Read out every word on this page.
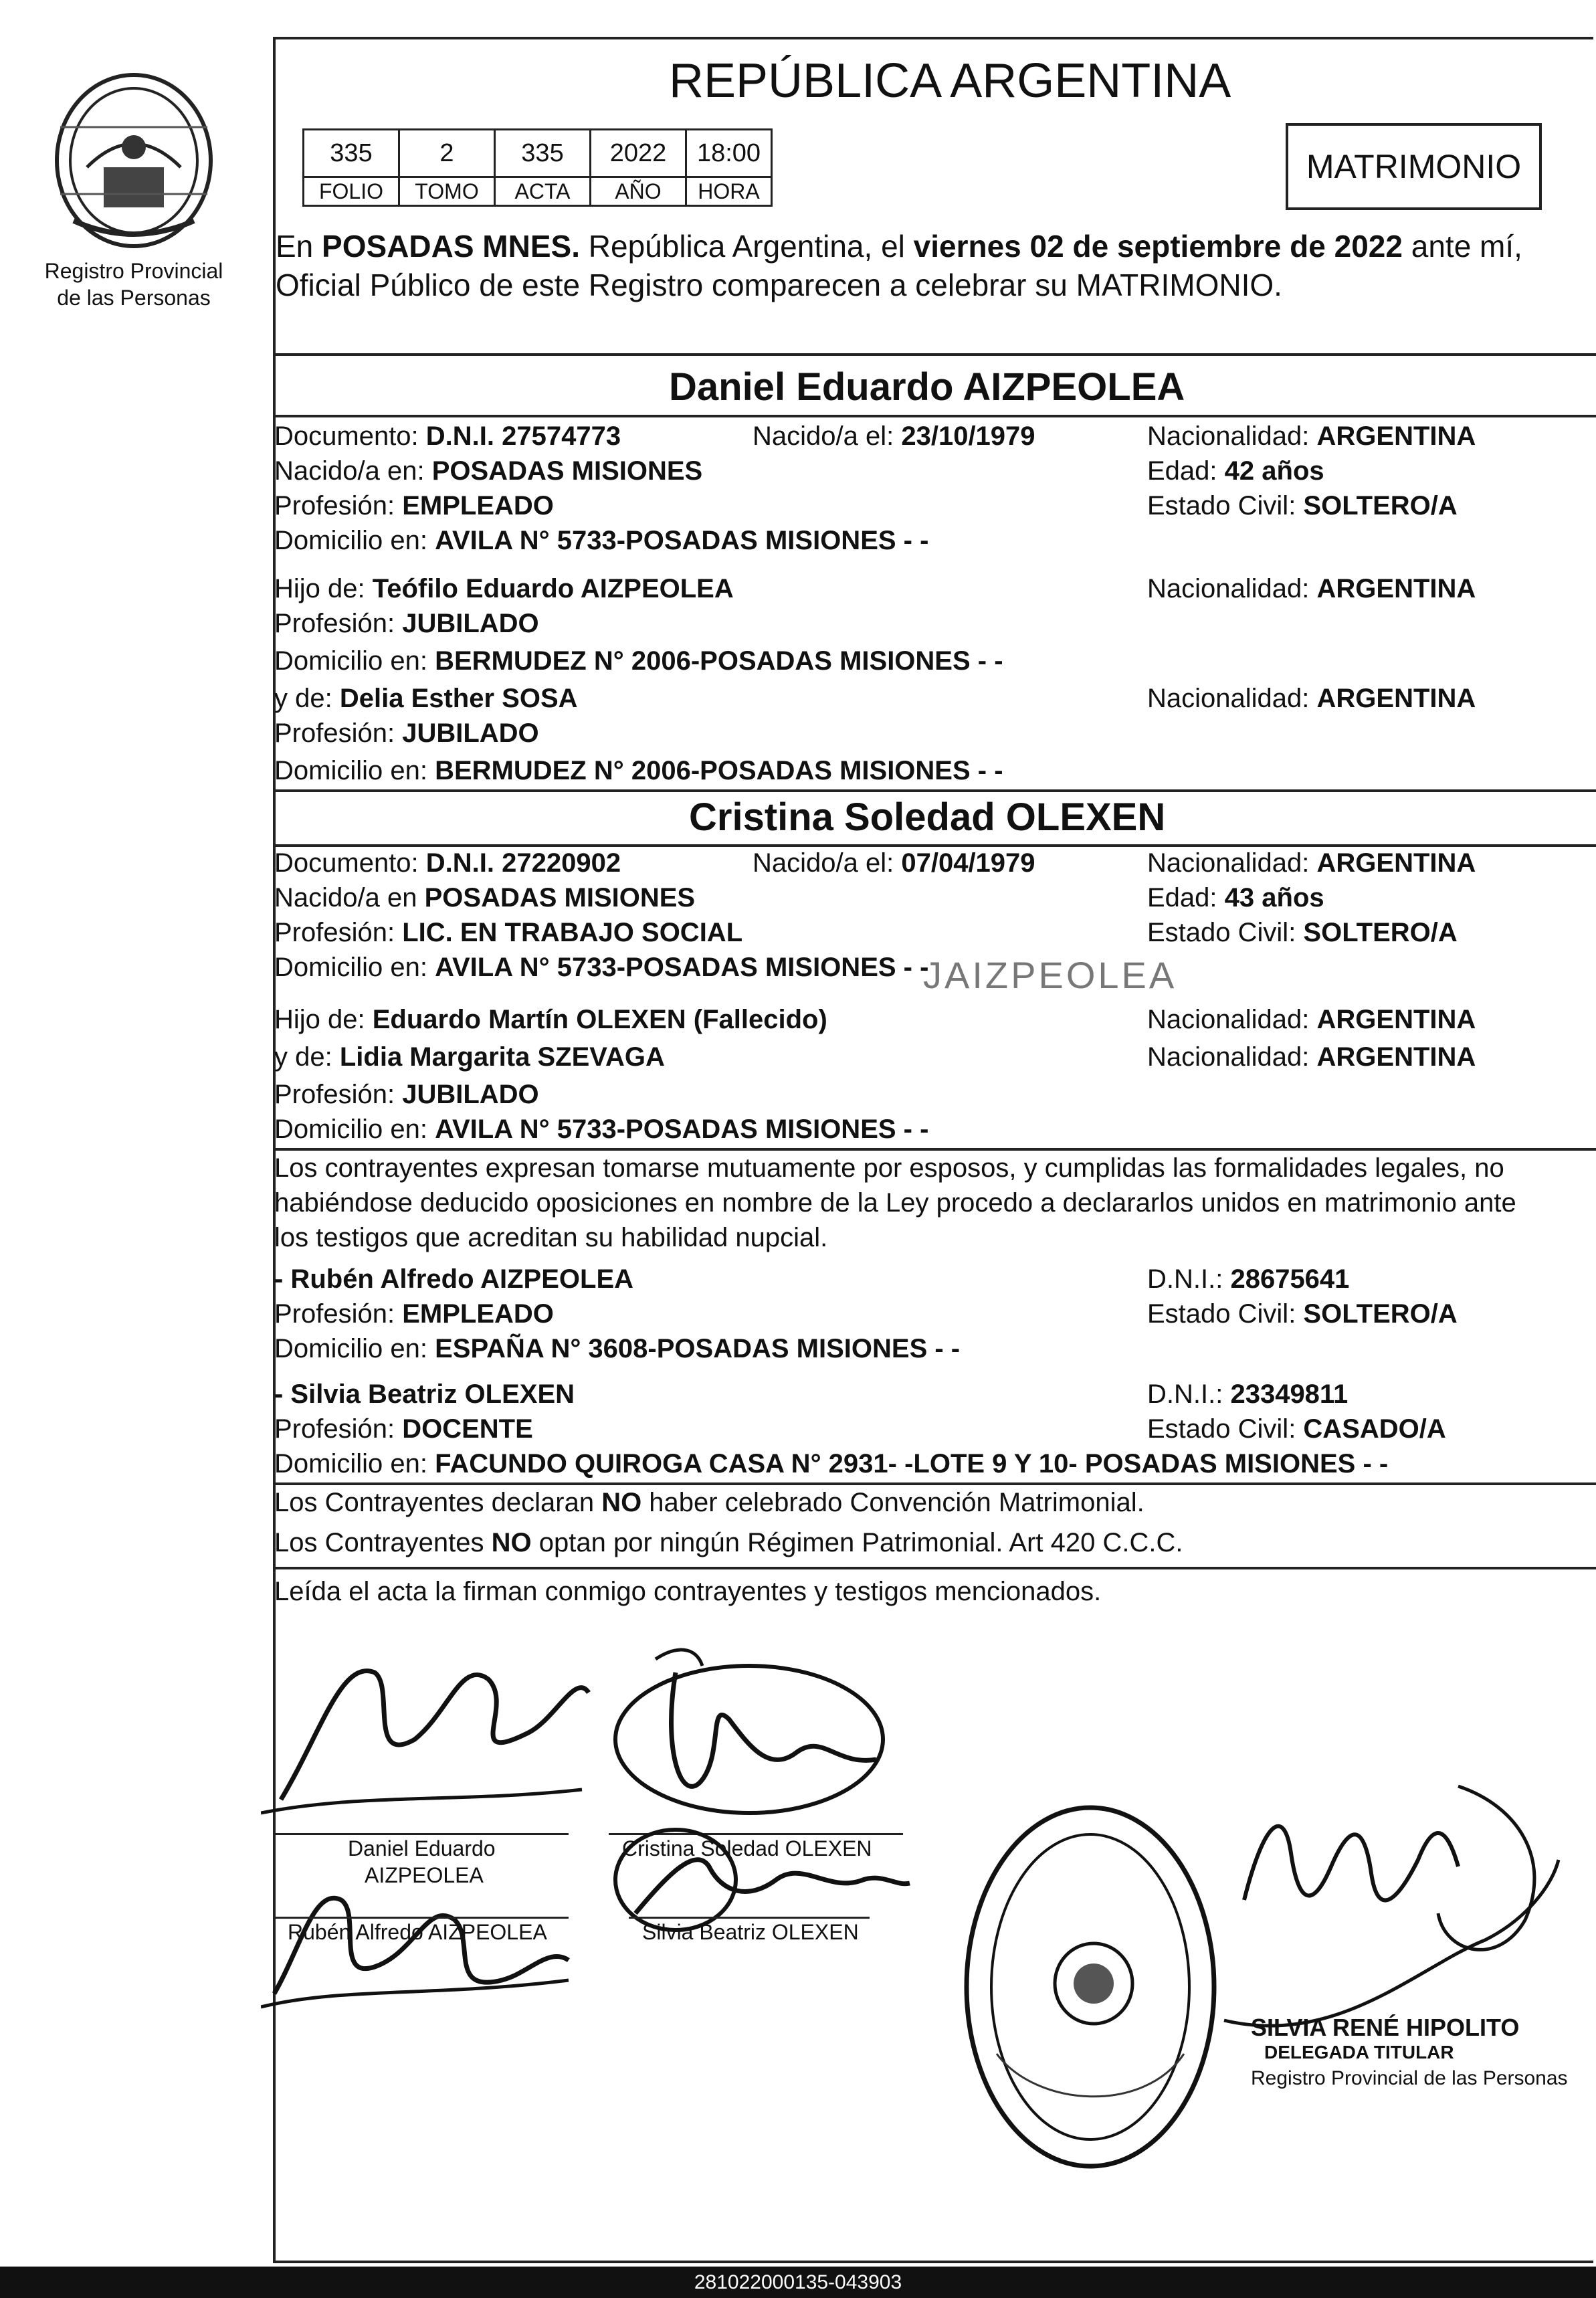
Registro Provincial
de las Personas
REPÚBLICA ARGENTINA
335	2	335	2022	18:00
FOLIO	TOMO	ACTA	AÑO	HORA
MATRIMONIO
En POSADAS MNES. República Argentina, el viernes 02 de septiembre de 2022 ante mí,
Oficial Público de este Registro comparecen a celebrar su MATRIMONIO.
Daniel Eduardo AIZPEOLEA
Documento: D.N.I. 27574773	Nacido/a el: 23/10/1979	Nacionalidad: ARGENTINA
Nacido/a en: POSADAS MISIONES	Edad: 42 años
Profesión: EMPLEADO	Estado Civil: SOLTERO/A
Domicilio en: AVILA N° 5733-POSADAS MISIONES - -
Hijo de: Teófilo Eduardo AIZPEOLEA	Nacionalidad: ARGENTINA
Profesión: JUBILADO
Domicilio en: BERMUDEZ N° 2006-POSADAS MISIONES - -
y de: Delia Esther SOSA	Nacionalidad: ARGENTINA
Profesión: JUBILADO
Domicilio en: BERMUDEZ N° 2006-POSADAS MISIONES - -
Cristina Soledad OLEXEN
Documento: D.N.I. 27220902	Nacido/a el: 07/04/1979	Nacionalidad: ARGENTINA
Nacido/a en POSADAS MISIONES	Edad: 43 años
Profesión: LIC. EN TRABAJO SOCIAL	Estado Civil: SOLTERO/A
Domicilio en: AVILA N° 5733-POSADAS MISIONES - -
JAIZPEOLEA
Hijo de: Eduardo Martín OLEXEN (Fallecido)	Nacionalidad: ARGENTINA
y de: Lidia Margarita SZEVAGA	Nacionalidad: ARGENTINA
Profesión: JUBILADO
Domicilio en: AVILA N° 5733-POSADAS MISIONES - -
Los contrayentes expresan tomarse mutuamente por esposos, y cumplidas las formalidades legales, no
habiéndose deducido oposiciones en nombre de la Ley procedo a declararlos unidos en matrimonio ante
los testigos que acreditan su habilidad nupcial.
- Rubén Alfredo AIZPEOLEA	D.N.I.: 28675641
Profesión: EMPLEADO	Estado Civil: SOLTERO/A
Domicilio en: ESPAÑA N° 3608-POSADAS MISIONES - -
- Silvia Beatriz OLEXEN	D.N.I.: 23349811
Profesión: DOCENTE	Estado Civil: CASADO/A
Domicilio en: FACUNDO QUIROGA CASA N° 2931- -LOTE 9 Y 10- POSADAS MISIONES - -
Los Contrayentes declaran NO haber celebrado Convención Matrimonial.
Los Contrayentes NO optan por ningún Régimen Patrimonial. Art 420 C.C.C.
Leída el acta la firman conmigo contrayentes y testigos mencionados.
Daniel Eduardo
AIZPEOLEA
Cristina Soledad OLEXEN
Rubén Alfredo AIZPEOLEA	Silvia Beatriz OLEXEN
SILVIA RENÉ HIPOLITO
DELEGADA TITULAR
Registro Provincial de las Personas
281022000135-043903
